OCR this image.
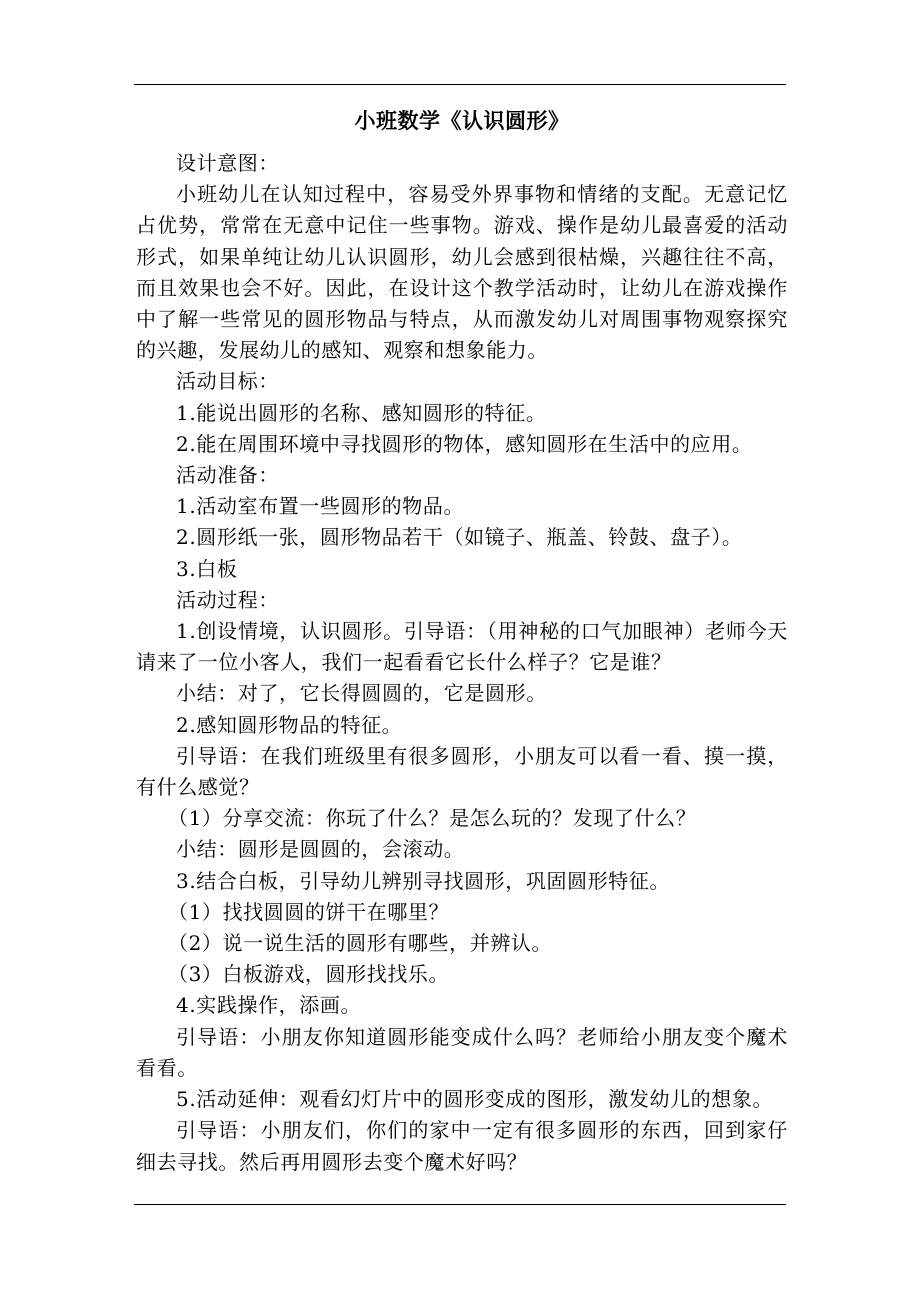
小班数学《认识圆形》

设计意图：

小班幼儿在认知过程中，容易受外界事物和情绪的支配。无意记忆占优势，常常在无意中记住一些事物。游戏、操作是幼儿最喜爱的活动形式，如果单纯让幼儿认识圆形，幼儿会感到很枯燥，兴趣往往不高，而且效果也会不好。因此，在设计这个教学活动时，让幼儿在游戏操作中了解一些常见的圆形物品与特点，从而激发幼儿对周围事物观察探究的兴趣，发展幼儿的感知、观察和想象能力。

活动目标：

1.能说出圆形的名称、感知圆形的特征。

2.能在周围环境中寻找圆形的物体，感知圆形在生活中的应用。

活动准备：

1.活动室布置一些圆形的物品。

2.圆形纸一张，圆形物品若干（如镜子、瓶盖、铃鼓、盘子）。

3.白板

活动过程：

1.创设情境，认识圆形。引导语：（用神秘的口气加眼神）老师今天请来了一位小客人，我们一起看看它长什么样子？它是谁？

小结：对了，它长得圆圆的，它是圆形。

2.感知圆形物品的特征。

引导语：在我们班级里有很多圆形，小朋友可以看一看、摸一摸，有什么感觉？

（1）分享交流：你玩了什么？是怎么玩的？发现了什么？

小结：圆形是圆圆的，会滚动。

3.结合白板，引导幼儿辨别寻找圆形，巩固圆形特征。

（1）找找圆圆的饼干在哪里？

（2）说一说生活的圆形有哪些，并辨认。

（3）白板游戏，圆形找找乐。

4.实践操作，添画。

引导语：小朋友你知道圆形能变成什么吗？老师给小朋友变个魔术看看。

5.活动延伸：观看幻灯片中的圆形变成的图形，激发幼儿的想象。

引导语：小朋友们，你们的家中一定有很多圆形的东西，回到家仔细去寻找。然后再用圆形去变个魔术好吗？
